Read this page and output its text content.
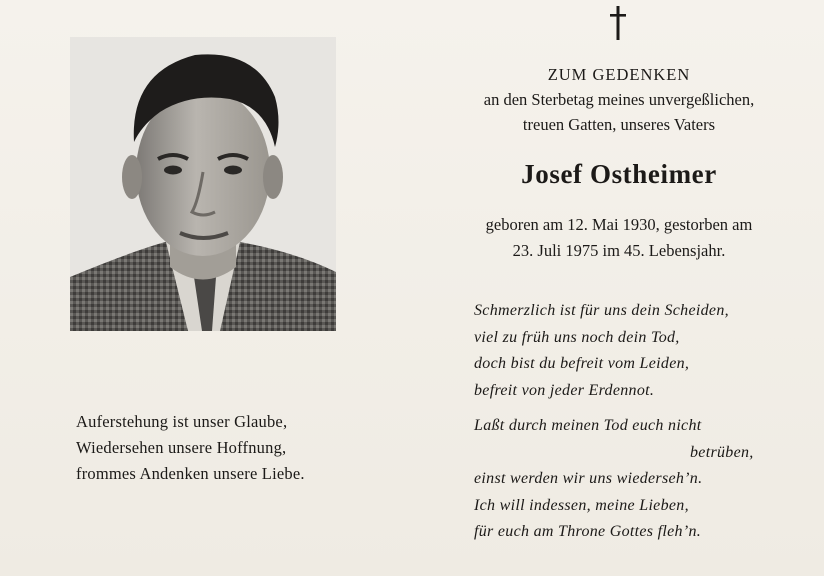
Auferstehung ist unser Glaube,
Wiedersehen unsere Hoffnung,
frommes Andenken unsere Liebe.
ZUM GEDENKEN
an den Sterbetag meines unvergeßlichen,
treuen Gatten, unseres Vaters
Josef Ostheimer
geboren am 12. Mai 1930, gestorben am
23. Juli 1975 im 45. Lebensjahr.
Schmerzlich ist für uns dein Scheiden,
viel zu früh uns noch dein Tod,
doch bist du befreit vom Leiden,
befreit von jeder Erdennot.
Laßt durch meinen Tod euch nicht
betrüben,
einst werden wir uns wiederseh’n.
Ich will indessen, meine Lieben,
für euch am Throne Gottes fleh’n.
